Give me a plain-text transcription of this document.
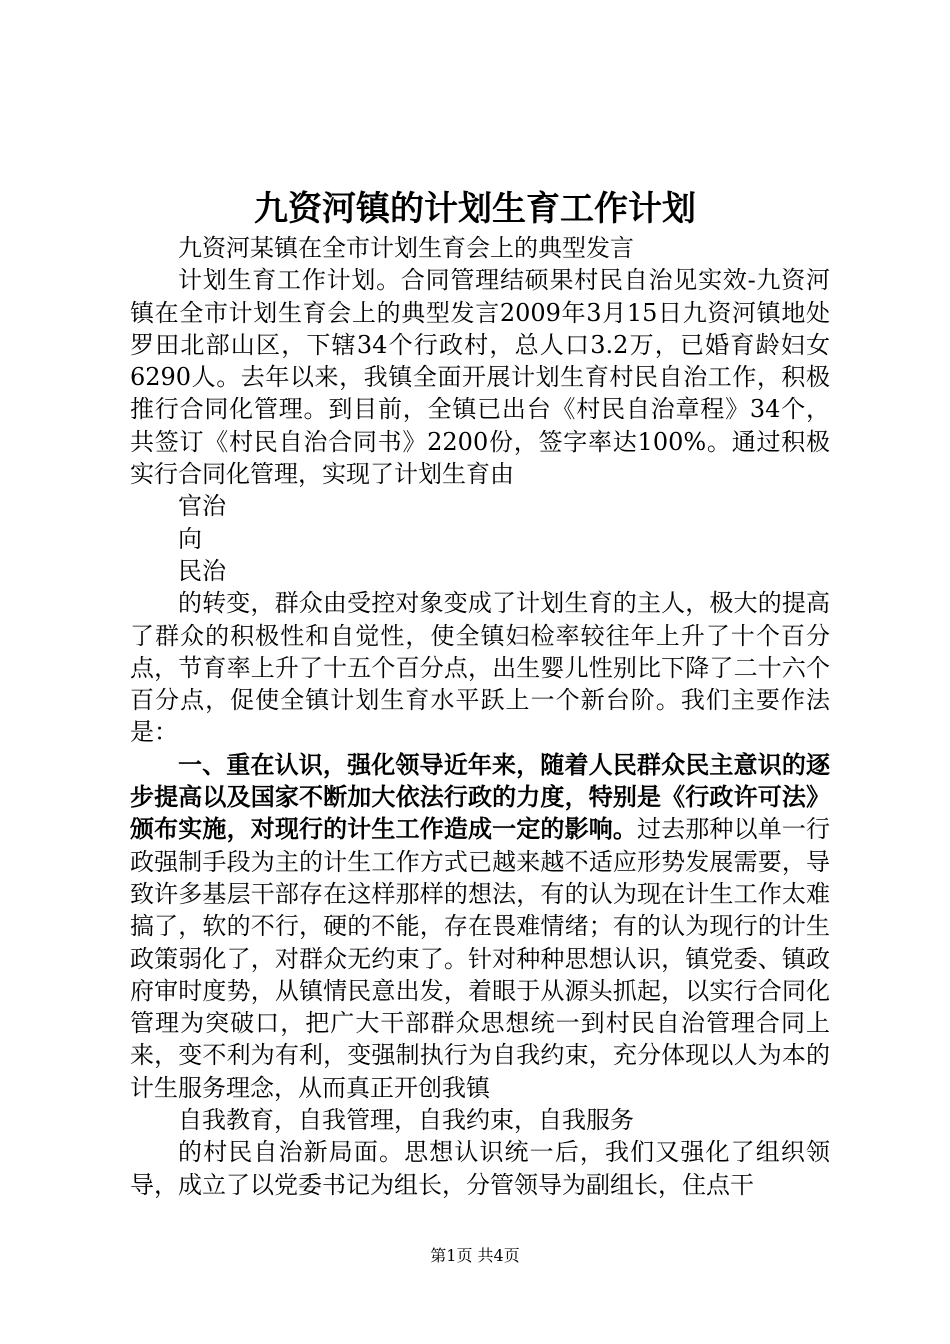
九资河镇的计划生育工作计划

九资河某镇在全市计划生育会上的典型发言

计划生育工作计划。合同管理结硕果村民自治见实效-九资河镇在全市计划生育会上的典型发言2009年3月15日九资河镇地处罗田北部山区，下辖34个行政村，总人口3.2万，已婚育龄妇女6290人。去年以来，我镇全面开展计划生育村民自治工作，积极推行合同化管理。到目前，全镇已出台《村民自治章程》34个，共签订《村民自治合同书》2200份，签字率达100%。通过积极实行合同化管理，实现了计划生育由

官治

向

民治

的转变，群众由受控对象变成了计划生育的主人，极大的提高了群众的积极性和自觉性，使全镇妇检率较往年上升了十个百分点，节育率上升了十五个百分点，出生婴儿性别比下降了二十六个百分点，促使全镇计划生育水平跃上一个新台阶。我们主要作法是：

一、重在认识，强化领导近年来，随着人民群众民主意识的逐步提高以及国家不断加大依法行政的力度，特别是《行政许可法》颁布实施，对现行的计生工作造成一定的影响。过去那种以单一行政强制手段为主的计生工作方式已越来越不适应形势发展需要，导致许多基层干部存在这样那样的想法，有的认为现在计生工作太难搞了，软的不行，硬的不能，存在畏难情绪；有的认为现行的计生政策弱化了，对群众无约束了。针对种种思想认识，镇党委、镇政府审时度势，从镇情民意出发，着眼于从源头抓起，以实行合同化管理为突破口，把广大干部群众思想统一到村民自治管理合同上来，变不利为有利，变强制执行为自我约束，充分体现以人为本的计生服务理念，从而真正开创我镇

自我教育，自我管理，自我约束，自我服务

的村民自治新局面。思想认识统一后，我们又强化了组织领导，成立了以党委书记为组长，分管领导为副组长，住点干

第1页 共4页
